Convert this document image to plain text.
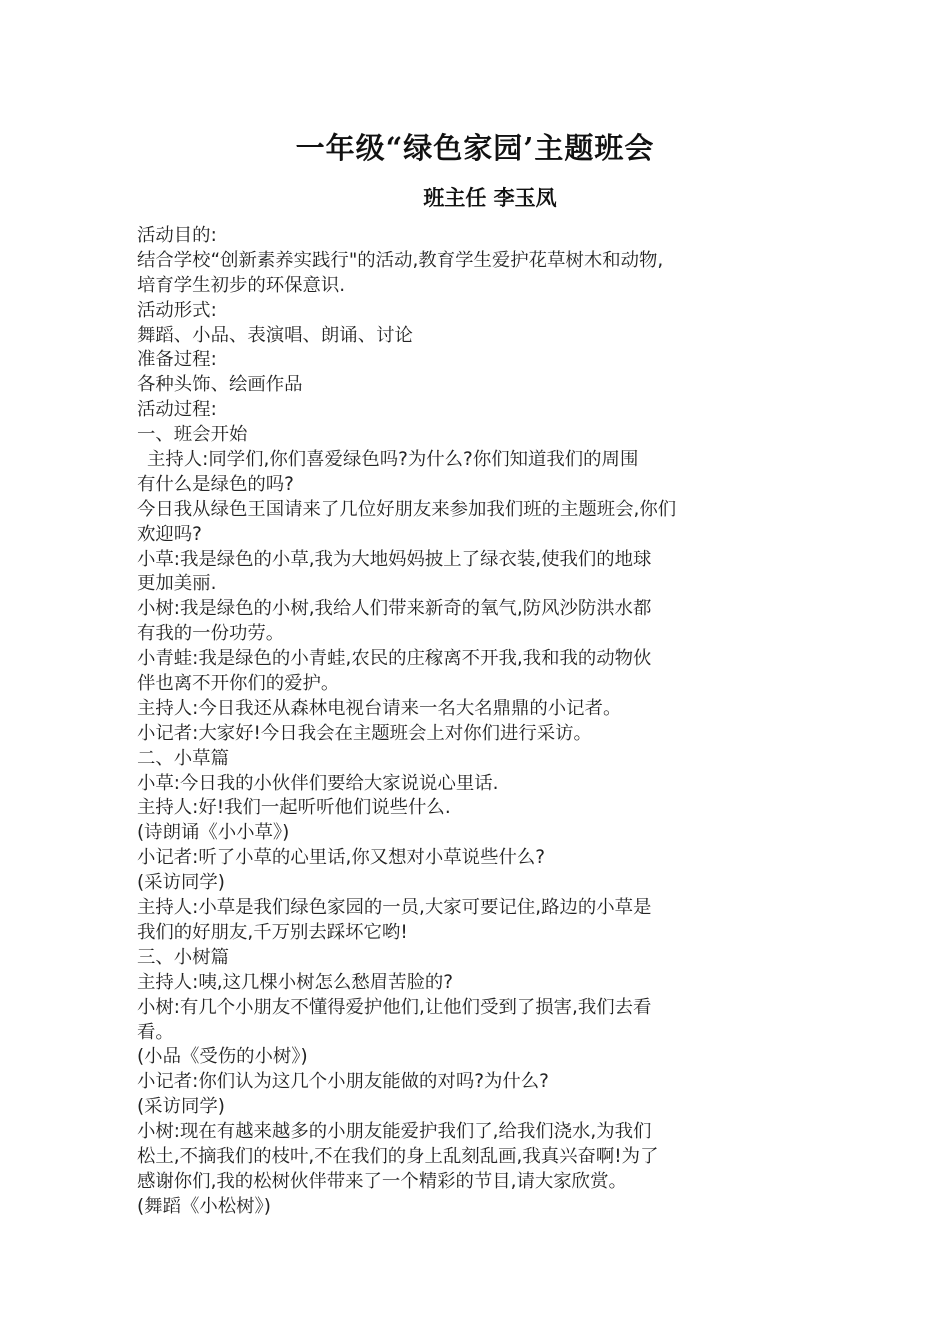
一年级“绿色家园’主题班会
班主任 李玉凤
活动目的:
结合学校“创新素养实践行"的活动,教育学生爱护花草树木和动物,
培育学生初步的环保意识.
活动形式:
舞蹈、小品、表演唱、朗诵、讨论
准备过程:
各种头饰、绘画作品
活动过程:
一、班会开始
主持人:同学们,你们喜爱绿色吗?为什么?你们知道我们的周围
有什么是绿色的吗?
今日我从绿色王国请来了几位好朋友来参加我们班的主题班会,你们
欢迎吗?
小草:我是绿色的小草,我为大地妈妈披上了绿衣装,使我们的地球
更加美丽.
小树:我是绿色的小树,我给人们带来新奇的氧气,防风沙防洪水都
有我的一份功劳。
小青蛙:我是绿色的小青蛙,农民的庄稼离不开我,我和我的动物伙
伴也离不开你们的爱护。
主持人:今日我还从森林电视台请来一名大名鼎鼎的小记者。
小记者:大家好!今日我会在主题班会上对你们进行采访。
二、小草篇
小草:今日我的小伙伴们要给大家说说心里话.
主持人:好!我们一起听听他们说些什么.
(诗朗诵《小小草》)
小记者:听了小草的心里话,你又想对小草说些什么?
(采访同学)
主持人:小草是我们绿色家园的一员,大家可要记住,路边的小草是
我们的好朋友,千万别去踩坏它哟!
三、小树篇
主持人:咦,这几棵小树怎么愁眉苦脸的?
小树:有几个小朋友不懂得爱护他们,让他们受到了损害,我们去看
看。
(小品《受伤的小树》)
小记者:你们认为这几个小朋友能做的对吗?为什么?
(采访同学)
小树:现在有越来越多的小朋友能爱护我们了,给我们浇水,为我们
松土,不摘我们的枝叶,不在我们的身上乱刻乱画,我真兴奋啊!为了
感谢你们,我的松树伙伴带来了一个精彩的节目,请大家欣赏。
(舞蹈《小松树》)
